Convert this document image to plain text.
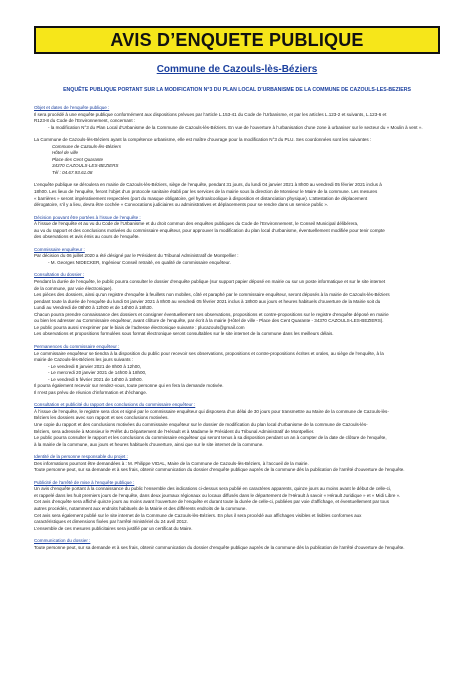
AVIS D’ENQUETE PUBLIQUE
Commune de Cazouls-lès-Béziers
ENQUÊTE PUBLIQUE PORTANT SUR LA MODIFICATION N°3 DU PLAN LOCAL D’URBANISME DE LA COMMUNE DE CAZOULS-LES-BEZIERS

Objet et dates de l’enquête publique :

Il sera procédé à une enquête publique conformément aux dispositions prévues par l’article L.153-41 du Code de l’Urbanisme, et par les articles L.123-2 et suivants, L.123-6 et

R123-8 du Code de l’Environnement, concernant :

- la modification N°3 du Plan Local d’Urbanisme de la Commune de Cazouls-lès-Béziers. En vue de l’ouverture à l’urbanisation d’une zone à urbaniser sur le secteur du « Moulin à vent ».

La Commune de Cazouls-lès-Béziers ayant la compétence urbanisme, elle est maître d’ouvrage pour la modification N°3 du PLU. Ses coordonnées sont les suivantes :

Commune de Cazouls-lès-Béziers

Hôtel de ville

Place des Cent Quarante

34370 CAZOULS-LES-BEZIERS

Tél : 04.67.93.61.08

L’enquête publique se déroulera en mairie de Cazouls-lès-Béziers, siège de l’enquête, pendant 31 jours, du lundi 04 janvier 2021 à 8h00 au vendredi 05 février 2021 inclus à

18h00. Les lieux de l’enquête, feront l’objet d’un protocole sanitaire établi par les services de la mairie sous la direction de Monsieur le Maire de la commune. Les mesures

« barrières » seront impérativement respectées (port du masque obligatoire, gel hydroalcoolique à disposition et distanciation physique). L’attestation de déplacement

dérogatoire, s’il y a lieu, devra être cochée « Convocations judiciaires ou administratives et déplacements pour se rendre dans un service public ».

Décision pouvant être portées à l’issue de l’enquête :

À l’issue de l’enquête et au vu du Code de l’Urbanisme et du droit commun des enquêtes publiques du Code de l’Environnement, le Conseil Municipal délibérera,

au vu du rapport et des conclusions motivées du commissaire enquêteur, pour approuver la modification du plan local d’urbanisme, éventuellement modifiée pour tenir compte

des observations et avis émis au cours de l’enquête.

Commissaire enquêteur :

Par décision du 06 juillet 2020 a été désigné par le Président du Tribunal Administratif de Montpellier :

- M. Georges NIDECKER, Ingénieur Conseil retraité, en qualité de commissaire enquêteur.

Consultation du dossier :

Pendant la durée de l’enquête, le public pourra consulter le dossier d’enquête publique (sur support papier déposé en mairie ou sur un poste informatique et sur le site internet

de la commune, par voie électronique).

Les pièces des dossiers, ainsi qu’un registre d’enquête à feuillets non mobiles, côté et paraphé par le commissaire enquêteur, seront déposés à la mairie de Cazouls-lès-Béziers

pendant toute la durée de l’enquête du lundi 04 janvier 2021 à 8h00 au vendredi 05 février 2021 inclus à 18h00 aux jours et heures habituels d’ouverture de la Mairie soit du

Lundi au Vendredi de 08h00 à 12h00 et de 14h00 à 18h30.

Chacun pourra prendre connaissance des dossiers et consigner éventuellement ses observations, propositions et contre-propositions sur le registre d’enquête déposé en mairie

ou bien les adresser au Commissaire enquêteur, avant clôture de l’enquête, par écrit à la mairie (Hôtel de ville - Place des Cent Quarante - 34370 CAZOULS-LES-BEZIERS).

Le public pourra aussi s’exprimer par le biais de l’adresse électronique suivante : plucazouls@gmail.com

Les observations et propositions formulées sous format électronique seront consultables sur le site internet de la commune dans les meilleurs délais.

Permanences du commissaire enquêteur :

Le commissaire enquêteur se tiendra à la disposition du public pour recevoir ses observations, propositions et contre-propositions écrites et orales, au siège de l’enquête, à la

mairie de Cazouls-lès-Béziers les jours suivants :

- Le vendredi 8 janvier 2021 de 8h00 à 12h00,

- Le mercredi 20 janvier 2021 de 14h00 à 18h00,

- Le vendredi 5 février 2021 de 14h00 à 18h00.

Il pourra également recevoir sur rendez-vous, toute personne qui en fera la demande motivée.

Il n’est pas prévu de réunion d’information et d’échange.

Consultation et publicité du rapport des conclusions du commissaire enquêteur :

À l’issue de l’enquête, le registre sera clos et signé par le commissaire enquêteur qui disposera d’un délai de 30 jours pour transmettre au Maire de la commune de Cazouls-lès-

Béziers les dossiers avec son rapport et ses conclusions motivées.

Une copie du rapport et des conclusions motivées du commissaire enquêteur sur le dossier de modification du plan local d’urbanisme de la commune de Cazouls-lès-

Béziers, sera adressée à Monsieur le Préfet du Département de l’Hérault et à Madame le Président du Tribunal Administratif de Montpellier.

Le public pourra consulter le rapport et les conclusions du commissaire enquêteur qui seront tenus à sa disposition pendant un an à compter de la date de clôture de l’enquête,

à la mairie de la commune, aux jours et heures habituels d’ouverture, ainsi que sur le site internet de la commune.

Identité de la personne responsable du projet :

Des informations pourront être demandées à : M. Philippe VIDAL, Maire de la Commune de Cazouls-lès-Béziers, à l’accueil de la mairie.

Toute personne peut, sur sa demande et à ses frais, obtenir communication du dossier d’enquête publique auprès de la commune dès la publication de l’arrêté d’ouverture de l’enquête.

Publicité de l’arrêté de mise à l’enquête publique :

Un avis d’enquête portant à la connaissance du public l’ensemble des indications ci-dessus sera publié en caractères apparents, quinze jours au moins avant le début de celle-ci,

et rappelé dans les huit premiers jours de l’enquête, dans deux journaux régionaux ou locaux diffusés dans le département de l’Hérault à savoir « Hérault Juridique » et « Midi Libre ».

Cet avis d’enquête sera affiché quinze jours au moins avant l’ouverture de l’enquête et durant toute la durée de celle-ci, publiées par voie d’affichage, et éventuellement par tous

autres procédés, notamment aux endroits habituels de la Mairie et des différents endroits de la commune.

Cet avis sera également publié sur le site internet de la Commune de Cazouls-lès-Béziers. En plus il sera procédé aux affichages visibles et lisibles conformes aux

caractéristiques et dimensions fixées par l’arrêté ministériel du 24 avril 2012.

L’ensemble de ces mesures publicitaires sera justifié par un certificat du Maire.

Communication du dossier :

Toute personne peut, sur sa demande et à ses frais, obtenir communication du dossier d’enquête publique auprès de la commune dès la publication de l’arrêté d’ouverture de l’enquête.
